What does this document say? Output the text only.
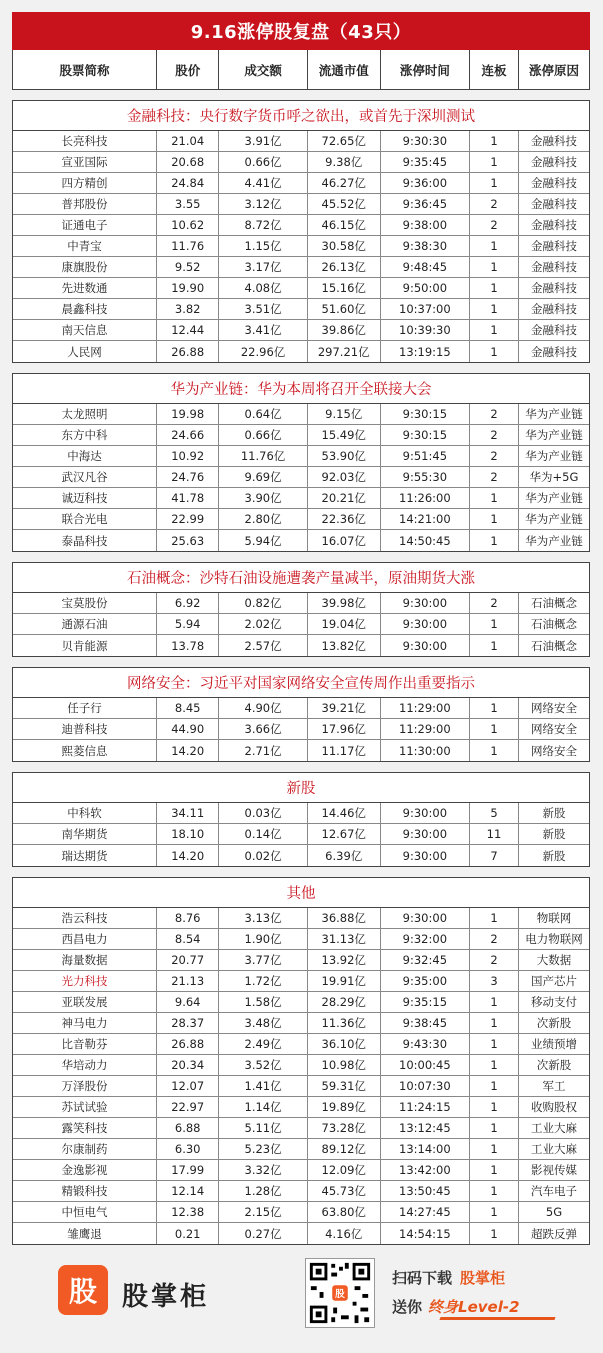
9.16涨停股复盘（43只）
股票简称	股价	成交额	流通市值	涨停时间	连板	涨停原因
金融科技：央行数字货币呼之欲出，或首先于深圳测试
长亮科技	21.04	3.91亿	72.65亿	9:30:30	1	金融科技
宣亚国际	20.68	0.66亿	9.38亿	9:35:45	1	金融科技
四方精创	24.84	4.41亿	46.27亿	9:36:00	1	金融科技
普邦股份	3.55	3.12亿	45.52亿	9:36:45	2	金融科技
证通电子	10.62	8.72亿	46.15亿	9:38:00	2	金融科技
中青宝	11.76	1.15亿	30.58亿	9:38:30	1	金融科技
康旗股份	9.52	3.17亿	26.13亿	9:48:45	1	金融科技
先进数通	19.90	4.08亿	15.16亿	9:50:00	1	金融科技
晨鑫科技	3.82	3.51亿	51.60亿	10:37:00	1	金融科技
南天信息	12.44	3.41亿	39.86亿	10:39:30	1	金融科技
人民网	26.88	22.96亿	297.21亿	13:19:15	1	金融科技
华为产业链：华为本周将召开全联接大会
太龙照明	19.98	0.64亿	9.15亿	9:30:15	2	华为产业链
东方中科	24.66	0.66亿	15.49亿	9:30:15	2	华为产业链
中海达	10.92	11.76亿	53.90亿	9:51:45	2	华为产业链
武汉凡谷	24.76	9.69亿	92.03亿	9:55:30	2	华为+5G
诚迈科技	41.78	3.90亿	20.21亿	11:26:00	1	华为产业链
联合光电	22.99	2.80亿	22.36亿	14:21:00	1	华为产业链
泰晶科技	25.63	5.94亿	16.07亿	14:50:45	1	华为产业链
石油概念：沙特石油设施遭袭产量减半，原油期货大涨
宝莫股份	6.92	0.82亿	39.98亿	9:30:00	2	石油概念
通源石油	5.94	2.02亿	19.04亿	9:30:00	1	石油概念
贝肯能源	13.78	2.57亿	13.82亿	9:30:00	1	石油概念
网络安全：习近平对国家网络安全宣传周作出重要指示
任子行	8.45	4.90亿	39.21亿	11:29:00	1	网络安全
迪普科技	44.90	3.66亿	17.96亿	11:29:00	1	网络安全
熙菱信息	14.20	2.71亿	11.17亿	11:30:00	1	网络安全
新股
中科软	34.11	0.03亿	14.46亿	9:30:00	5	新股
南华期货	18.10	0.14亿	12.67亿	9:30:00	11	新股
瑞达期货	14.20	0.02亿	6.39亿	9:30:00	7	新股
其他
浩云科技	8.76	3.13亿	36.88亿	9:30:00	1	物联网
西昌电力	8.54	1.90亿	31.13亿	9:32:00	2	电力物联网
海量数据	20.77	3.77亿	13.92亿	9:32:45	2	大数据
光力科技	21.13	1.72亿	19.91亿	9:35:00	3	国产芯片
亚联发展	9.64	1.58亿	28.29亿	9:35:15	1	移动支付
神马电力	28.37	3.48亿	11.36亿	9:38:45	1	次新股
比音勒芬	26.88	2.49亿	36.10亿	9:43:30	1	业绩预增
华培动力	20.34	3.52亿	10.98亿	10:00:45	1	次新股
万泽股份	12.07	1.41亿	59.31亿	10:07:30	1	军工
苏试试验	22.97	1.14亿	19.89亿	11:24:15	1	收购股权
露笑科技	6.88	5.11亿	73.28亿	13:12:45	1	工业大麻
尔康制药	6.30	5.23亿	89.12亿	13:14:00	1	工业大麻
金逸影视	17.99	3.32亿	12.09亿	13:42:00	1	影视传媒
精锻科技	12.14	1.28亿	45.73亿	13:50:45	1	汽车电子
中恒电气	12.38	2.15亿	63.80亿	14:27:45	1	5G
雏鹰退	0.21	0.27亿	4.16亿	14:54:15	1	超跌反弹
股 股掌柜	股
扫码下载 股掌柜
送你 终身Level-2
